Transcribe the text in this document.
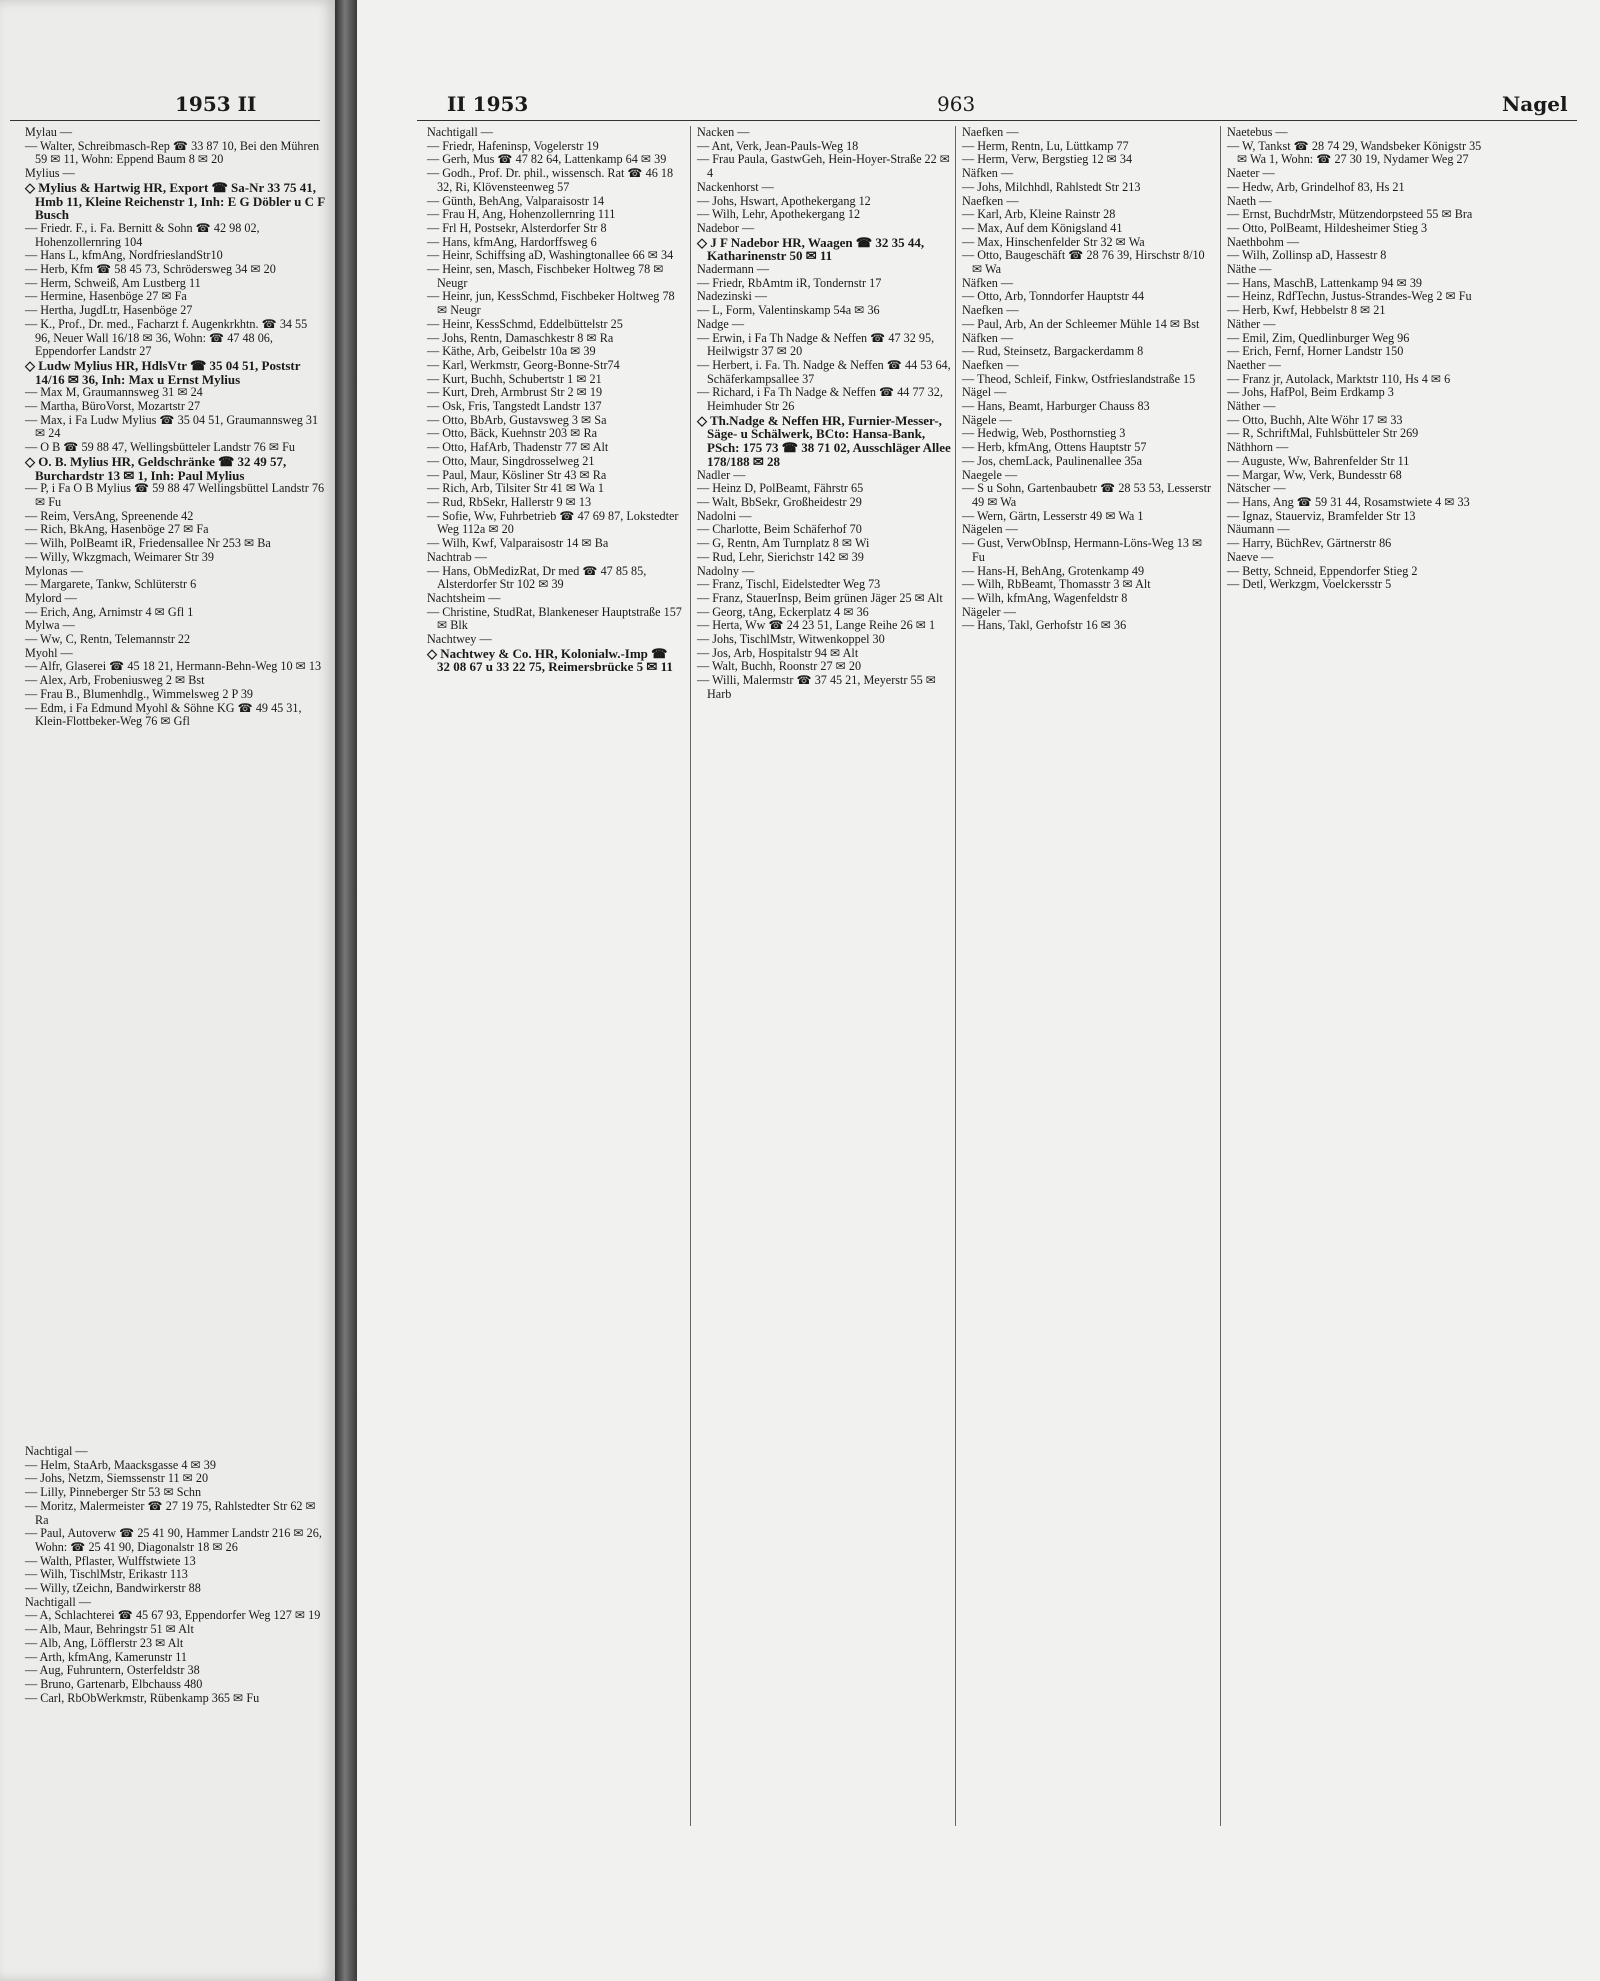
1953 II

Mylau —

— Walter, Schreibmasch-Rep ☎ 33 87 10, Bei den Mühren 59 ✉ 11, Wohn: Eppend Baum 8 ✉ 20

Mylius —

◇ Mylius & Hartwig HR, Export ☎ Sa-Nr 33 75 41, Hmb 11, Kleine Reichenstr 1, Inh: E G Döbler u C F Busch

— Friedr. F., i. Fa. Bernitt & Sohn ☎ 42 98 02, Hohenzollernring 104

— Hans L, kfmAng, NordfrieslandStr10

— Herb, Kfm ☎ 58 45 73, Schrödersweg 34 ✉ 20

— Herm, Schweiß, Am Lustberg 11

— Hermine, Hasenböge 27 ✉ Fa

— Hertha, JugdLtr, Hasenböge 27

— K., Prof., Dr. med., Facharzt f. Augenkrkhtn. ☎ 34 55 96, Neuer Wall 16/18 ✉ 36, Wohn: ☎ 47 48 06, Eppendorfer Landstr 27

◇ Ludw Mylius HR, HdlsVtr ☎ 35 04 51, Poststr 14/16 ✉ 36, Inh: Max u Ernst Mylius

— Max M, Graumannsweg 31 ✉ 24

— Martha, BüroVorst, Mozartstr 27

— Max, i Fa Ludw Mylius ☎ 35 04 51, Graumannsweg 31 ✉ 24

— O B ☎ 59 88 47, Wellingsbütteler Landstr 76 ✉ Fu

◇ O. B. Mylius HR, Geldschränke ☎ 32 49 57, Burchardstr 13 ✉ 1, Inh: Paul Mylius

— P, i Fa O B Mylius ☎ 59 88 47 Wellingsbüttel Landstr 76 ✉ Fu

— Reim, VersAng, Spreenende 42

— Rich, BkAng, Hasenböge 27 ✉ Fa

— Wilh, PolBeamt iR, Friedensallee Nr 253 ✉ Ba

— Willy, Wkzgmach, Weimarer Str 39

Mylonas —

— Margarete, Tankw, Schlüterstr 6

Mylord —

— Erich, Ang, Arnimstr 4 ✉ Gfl 1

Mylwa —

— Ww, C, Rentn, Telemannstr 22

Myohl —

— Alfr, Glaserei ☎ 45 18 21, Hermann-Behn-Weg 10 ✉ 13

— Alex, Arb, Frobeniusweg 2 ✉ Bst

— Frau B., Blumenhdlg., Wimmelsweg 2 P 39

— Edm, i Fa Edmund Myohl & Söhne KG ☎ 49 45 31, Klein-Flottbeker-Weg 76 ✉ Gfl

Nachtigal —

— Helm, StaArb, Maacksgasse 4 ✉ 39

— Johs, Netzm, Siemssenstr 11 ✉ 20

— Lilly, Pinneberger Str 53 ✉ Schn

— Moritz, Malermeister ☎ 27 19 75, Rahlstedter Str 62 ✉ Ra

— Paul, Autoverw ☎ 25 41 90, Hammer Landstr 216 ✉ 26, Wohn: ☎ 25 41 90, Diagonalstr 18 ✉ 26

— Walth, Pflaster, Wulffstwiete 13

— Wilh, TischlMstr, Erikastr 113

— Willy, tZeichn, Bandwirkerstr 88

Nachtigall —

— A, Schlachterei ☎ 45 67 93, Eppendorfer Weg 127 ✉ 19

— Alb, Maur, Behringstr 51 ✉ Alt

— Alb, Ang, Löfflerstr 23 ✉ Alt

— Arth, kfmAng, Kamerunstr 11

— Aug, Fuhruntern, Osterfeldstr 38

— Bruno, Gartenarb, Elbchauss 480

— Carl, RbObWerkmstr, Rübenkamp 365 ✉ Fu

II 1953	963	Nagel

Nachtigall —

— Friedr, Hafeninsp, Vogelerstr 19

— Gerh, Mus ☎ 47 82 64, Lattenkamp 64 ✉ 39

— Godh., Prof. Dr. phil., wissensch. Rat ☎ 46 18 32, Ri, Klövensteenweg 57

— Günth, BehAng, Valparaisostr 14

— Frau H, Ang, Hohenzollernring 111

— Frl H, Postsekr, Alsterdorfer Str 8

— Hans, kfmAng, Hardorffsweg 6

— Heinr, Schiffsing aD, Washingtonallee 66 ✉ 34

— Heinr, sen, Masch, Fischbeker Holtweg 78 ✉ Neugr

— Heinr, jun, KessSchmd, Fischbeker Holtweg 78 ✉ Neugr

— Heinr, KessSchmd, Eddelbüttelstr 25

— Johs, Rentn, Damaschkestr 8 ✉ Ra

— Käthe, Arb, Geibelstr 10a ✉ 39

— Karl, Werkmstr, Georg-Bonne-Str74

— Kurt, Buchh, Schubertstr 1 ✉ 21

— Kurt, Dreh, Armbrust Str 2 ✉ 19

— Osk, Fris, Tangstedt Landstr 137

— Otto, BbArb, Gustavsweg 3 ✉ Sa

— Otto, Bäck, Kuehnstr 203 ✉ Ra

— Otto, HafArb, Thadenstr 77 ✉ Alt

— Otto, Maur, Singdrosselweg 21

— Paul, Maur, Kösliner Str 43 ✉ Ra

— Rich, Arb, Tilsiter Str 41 ✉ Wa 1

— Rud, RbSekr, Hallerstr 9 ✉ 13

— Sofie, Ww, Fuhrbetrieb ☎ 47 69 87, Lokstedter Weg 112a ✉ 20

— Wilh, Kwf, Valparaisostr 14 ✉ Ba

Nachtrab —

— Hans, ObMedizRat, Dr med ☎ 47 85 85, Alsterdorfer Str 102 ✉ 39

Nachtsheim —

— Christine, StudRat, Blankeneser Hauptstraße 157 ✉ Blk

Nachtwey —

◇ Nachtwey & Co. HR, Kolonialw.-Imp ☎ 32 08 67 u 33 22 75, Reimersbrücke 5 ✉ 11

Nacken —

— Ant, Verk, Jean-Pauls-Weg 18

— Frau Paula, GastwGeh, Hein-Hoyer-Straße 22 ✉ 4

Nackenhorst —

— Johs, Hswart, Apothekergang 12

— Wilh, Lehr, Apothekergang 12

Nadebor —

◇ J F Nadebor HR, Waagen ☎ 32 35 44, Katharinenstr 50 ✉ 11

Nadermann —

— Friedr, RbAmtm iR, Tondernstr 17

Nadezinski —

— L, Form, Valentinskamp 54a ✉ 36

Nadge —

— Erwin, i Fa Th Nadge & Neffen ☎ 47 32 95, Heilwigstr 37 ✉ 20

— Herbert, i. Fa. Th. Nadge & Neffen ☎ 44 53 64, Schäferkampsallee 37

— Richard, i Fa Th Nadge & Neffen ☎ 44 77 32, Heimhuder Str 26

◇ Th.Nadge & Neffen HR, Furnier-Messer-, Säge- u Schälwerk, BCto: Hansa-Bank, PSch: 175 73 ☎ 38 71 02, Ausschläger Allee 178/188 ✉ 28

Nadler —

— Heinz D, PolBeamt, Fährstr 65

— Walt, BbSekr, Großheidestr 29

Nadolni —

— Charlotte, Beim Schäferhof 70

— G, Rentn, Am Turnplatz 8 ✉ Wi

— Rud, Lehr, Sierichstr 142 ✉ 39

Nadolny —

— Franz, Tischl, Eidelstedter Weg 73

— Franz, StauerInsp, Beim grünen Jäger 25 ✉ Alt

— Georg, tAng, Eckerplatz 4 ✉ 36

— Herta, Ww ☎ 24 23 51, Lange Reihe 26 ✉ 1

— Johs, TischlMstr, Witwenkoppel 30

— Jos, Arb, Hospitalstr 94 ✉ Alt

— Walt, Buchh, Roonstr 27 ✉ 20

— Willi, Malermstr ☎ 37 45 21, Meyerstr 55 ✉ Harb

Naefken —

— Herm, Rentn, Lu, Lüttkamp 77

— Herm, Verw, Bergstieg 12 ✉ 34

Näfken —

— Johs, Milchhdl, Rahlstedt Str 213

Naefken —

— Karl, Arb, Kleine Rainstr 28

— Max, Auf dem Königsland 41

— Max, Hinschenfelder Str 32 ✉ Wa

— Otto, Baugeschäft ☎ 28 76 39, Hirschstr 8/10 ✉ Wa

Näfken —

— Otto, Arb, Tonndorfer Hauptstr 44

Naefken —

— Paul, Arb, An der Schleemer Mühle 14 ✉ Bst

Näfken —

— Rud, Steinsetz, Bargackerdamm 8

Naefken —

— Theod, Schleif, Finkw, Ostfrieslandstraße 15

Nägel —

— Hans, Beamt, Harburger Chauss 83

Nägele —

— Hedwig, Web, Posthornstieg 3

— Herb, kfmAng, Ottens Hauptstr 57

— Jos, chemLack, Paulinenallee 35a

Naegele —

— S u Sohn, Gartenbaubetr ☎ 28 53 53, Lesserstr 49 ✉ Wa

— Wern, Gärtn, Lesserstr 49 ✉ Wa 1

Nägelen —

— Gust, VerwObInsp, Hermann-Löns-Weg 13 ✉ Fu

— Hans-H, BehAng, Grotenkamp 49

— Wilh, RbBeamt, Thomasstr 3 ✉ Alt

— Wilh, kfmAng, Wagenfeldstr 8

Nägeler —

— Hans, Takl, Gerhofstr 16 ✉ 36

Naetebus —

— W, Tankst ☎ 28 74 29, Wandsbeker Königstr 35 ✉ Wa 1, Wohn: ☎ 27 30 19, Nydamer Weg 27

Naeter —

— Hedw, Arb, Grindelhof 83, Hs 21

Naeth —

— Ernst, BuchdrMstr, Mützendorpsteed 55 ✉ Bra

— Otto, PolBeamt, Hildesheimer Stieg 3

Naethbohm —

— Wilh, Zollinsp aD, Hassestr 8

Näthe —

— Hans, MaschB, Lattenkamp 94 ✉ 39

— Heinz, RdfTechn, Justus-Strandes-Weg 2 ✉ Fu

— Herb, Kwf, Hebbelstr 8 ✉ 21

Näther —

— Emil, Zim, Quedlinburger Weg 96

— Erich, Fernf, Horner Landstr 150

Naether —

— Franz jr, Autolack, Marktstr 110, Hs 4 ✉ 6

— Johs, HafPol, Beim Erdkamp 3

Näther —

— Otto, Buchh, Alte Wöhr 17 ✉ 33

— R, SchriftMal, Fuhlsbütteler Str 269

Näthhorn —

— Auguste, Ww, Bahrenfelder Str 11

— Margar, Ww, Verk, Bundesstr 68

Nätscher —

— Hans, Ang ☎ 59 31 44, Rosamstwiete 4 ✉ 33

— Ignaz, Stauerviz, Bramfelder Str 13

Näumann —

— Harry, BüchRev, Gärtnerstr 86

Naeve —

— Betty, Schneid, Eppendorfer Stieg 2

— Detl, Werkzgm, Voelckersstr 5
